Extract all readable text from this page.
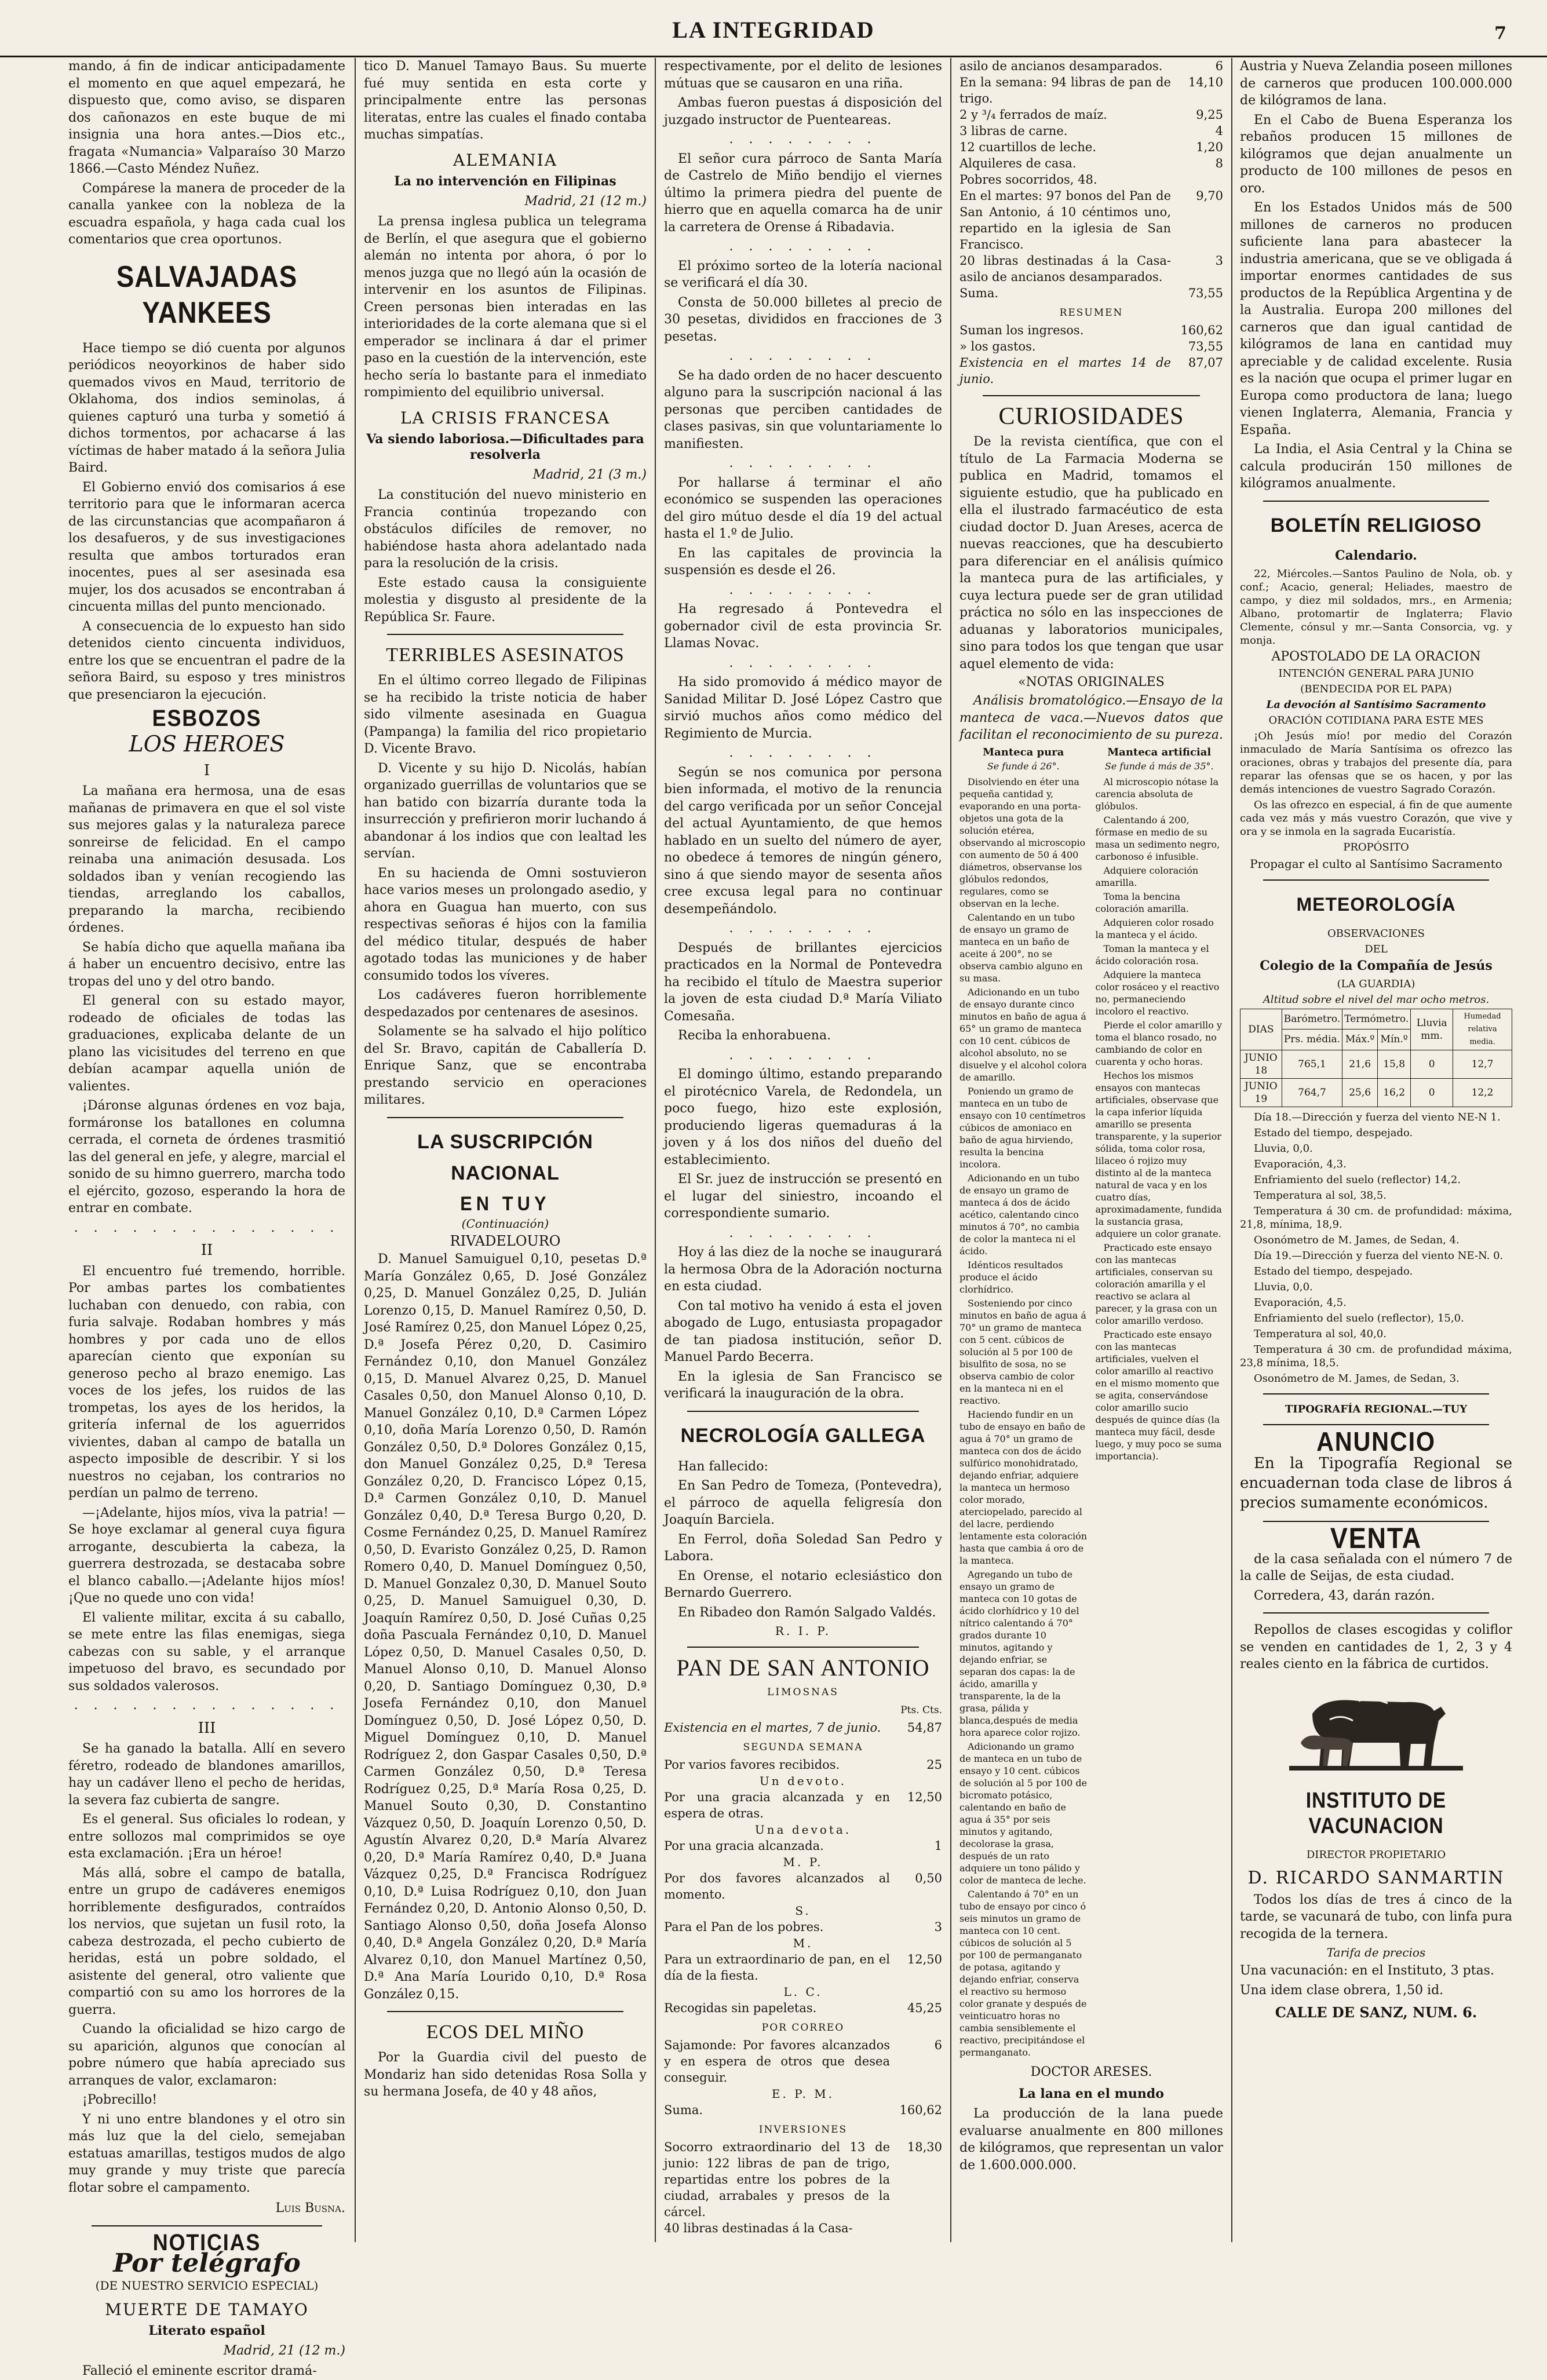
LA INTEGRIDAD	7

mando, á fin de indicar anticipadamente el momento en que aquel empezará, he dispuesto que, como aviso, se disparen dos cañonazos en este buque de mi insignia una hora antes.—Dios etc., fragata «Numancia» Valparaíso 30 Marzo 1866.—Casto Méndez Nuñez.

Compárese la manera de proceder de la canalla yankee con la nobleza de la escuadra española, y haga cada cual los comentarios que crea oportunos.

SALVAJADAS YANKEES

Hace tiempo se dió cuenta por algunos periódicos neoyorkinos de haber sido quemados vivos en Maud, territorio de Oklahoma, dos indios seminolas, á quienes capturó una turba y sometió á dichos tormentos, por achacarse á las víctimas de haber matado á la señora Julia Baird.

El Gobierno envió dos comisarios á ese territorio para que le informaran acerca de las circunstancias que acompañaron á los desafueros, y de sus investigaciones resulta que ambos torturados eran inocentes, pues al ser asesinada esa mujer, los dos acusados se encontraban á cincuenta millas del punto mencionado.

A consecuencia de lo expuesto han sido detenidos ciento cincuenta individuos, entre los que se encuentran el padre de la señora Baird, su esposo y tres ministros que presenciaron la ejecución.

ESBOZOS
LOS HEROES
I

La mañana era hermosa, una de esas mañanas de primavera en que el sol viste sus mejores galas y la naturaleza parece sonreirse de felicidad. En el campo reinaba una animación desusada. Los soldados iban y venían recogiendo las tiendas, arreglando los caballos, preparando la marcha, recibiendo órdenes.

Se había dicho que aquella mañana iba á haber un encuentro decisivo, entre las tropas del uno y del otro bando.

El general con su estado mayor, rodeado de oficiales de todas las graduaciones, explicaba delante de un plano las vicisitudes del terreno en que debían acampar aquella unión de valientes.

¡Dáronse algunas órdenes en voz baja, formáronse los batallones en columna cerrada, el corneta de órdenes trasmitió las del general en jefe, y alegre, marcial el sonido de su himno guerrero, marcha todo el ejército, gozoso, esperando la hora de entrar en combate.

. . . . . . . . . . . . . .
II

El encuentro fué tremendo, horrible. Por ambas partes los combatientes luchaban con denuedo, con rabia, con furia salvaje. Rodaban hombres y más hombres y por cada uno de ellos aparecían ciento que exponían su generoso pecho al brazo enemigo. Las voces de los jefes, los ruidos de las trompetas, los ayes de los heridos, la gritería infernal de los aguerridos vivientes, daban al campo de batalla un aspecto imposible de describir. Y si los nuestros no cejaban, los contrarios no perdían un palmo de terreno.

—¡Adelante, hijos míos, viva la patria! —Se hoye exclamar al general cuya figura arrogante, descubierta la cabeza, la guerrera destrozada, se destacaba sobre el blanco caballo.—¡Adelante hijos míos! ¡Que no quede uno con vida!

El valiente militar, excita á su caballo, se mete entre las filas enemigas, siega cabezas con su sable, y el arranque impetuoso del bravo, es secundado por sus soldados valerosos.

. . . . . . . . . . . . . .
III

Se ha ganado la batalla. Allí en severo féretro, rodeado de blandones amarillos, hay un cadáver lleno el pecho de heridas, la severa faz cubierta de sangre.

Es el general. Sus oficiales lo rodean, y entre sollozos mal comprimidos se oye esta exclamación. ¡Era un héroe!

Más allá, sobre el campo de batalla, entre un grupo de cadáveres enemigos horriblemente desfigurados, contraídos los nervios, que sujetan un fusil roto, la cabeza destrozada, el pecho cubierto de heridas, está un pobre soldado, el asistente del general, otro valiente que compartió con su amo los horrores de la guerra.

Cuando la oficialidad se hizo cargo de su aparición, algunos que conocían al pobre número que había apreciado sus arranques de valor, exclamaron:

¡Pobrecillo!

Y ni uno entre blandones y el otro sin más luz que la del cielo, semejaban estatuas amarillas, testigos mudos de algo muy grande y muy triste que parecía flotar sobre el campamento.

Luis Busna.
NOTICIAS
Por telégrafo
(DE NUESTRO SERVICIO ESPECIAL)
MUERTE DE TAMAYO
Literato español
Madrid, 21 (12 m.)

Falleció el eminente escritor dramá-

tico D. Manuel Tamayo Baus. Su muerte fué muy sentida en esta corte y principalmente entre las personas literatas, entre las cuales el finado contaba muchas simpatías.

ALEMANIA
La no intervención en Filipinas
Madrid, 21 (12 m.)

La prensa inglesa publica un telegrama de Berlín, el que asegura que el gobierno alemán no intenta por ahora, ó por lo menos juzga que no llegó aún la ocasión de intervenir en los asuntos de Filipinas. Creen personas bien interadas en las interioridades de la corte alemana que si el emperador se inclinara á dar el primer paso en la cuestión de la intervención, este hecho sería lo bastante para el inmediato rompimiento del equilibrio universal.

LA CRISIS FRANCESA
Va siendo laboriosa.—Dificultades para resolverla
Madrid, 21 (3 m.)

La constitución del nuevo ministerio en Francia continúa tropezando con obstáculos difíciles de remover, no habiéndose hasta ahora adelantado nada para la resolución de la crisis.

Este estado causa la consiguiente molestia y disgusto al presidente de la República Sr. Faure.

TERRIBLES ASESINATOS

En el último correo llegado de Filipinas se ha recibido la triste noticia de haber sido vilmente asesinada en Guagua (Pampanga) la familia del rico propietario D. Vicente Bravo.

D. Vicente y su hijo D. Nicolás, habían organizado guerrillas de voluntarios que se han batido con bizarría durante toda la insurrección y prefirieron morir luchando á abandonar á los indios que con lealtad les servían.

En su hacienda de Omni sostuvieron hace varios meses un prolongado asedio, y ahora en Guagua han muerto, con sus respectivas señoras é hijos con la familia del médico titular, después de haber agotado todas las municiones y de haber consumido todos los víveres.

Los cadáveres fueron horriblemente despedazados por centenares de asesinos.

Solamente se ha salvado el hijo político del Sr. Bravo, capitán de Caballería D. Enrique Sanz, que se encontraba prestando servicio en operaciones militares.

LA SUSCRIPCIÓN NACIONAL
EN TUY
(Continuación)
RIVADELOURO

D. Manuel Samuiguel 0,10, pesetas D.ª María González 0,65, D. José González 0,25, D. Manuel González 0,25, D. Julián Lorenzo 0,15, D. Manuel Ramírez 0,50, D. José Ramírez 0,25, don Manuel López 0,25, D.ª Josefa Pérez 0,20, D. Casimiro Fernández 0,10, don Manuel González 0,15, D. Manuel Alvarez 0,25, D. Manuel Casales 0,50, don Manuel Alonso 0,10, D. Manuel González 0,10, D.ª Carmen López 0,10, doña María Lorenzo 0,50, D. Ramón González 0,50, D.ª Dolores González 0,15, don Manuel González 0,25, D.ª Teresa González 0,20, D. Francisco López 0,15, D.ª Carmen González 0,10, D. Manuel González 0,40, D.ª Teresa Burgo 0,20, D. Cosme Fernández 0,25, D. Manuel Ramírez 0,50, D. Evaristo González 0,25, D. Ramon Romero 0,40, D. Manuel Domínguez 0,50, D. Manuel Gonzalez 0,30, D. Manuel Souto 0,25, D. Manuel Samuiguel 0,30, D. Joaquín Ramírez 0,50, D. José Cuñas 0,25 doña Pascuala Fernández 0,10, D. Manuel López 0,50, D. Manuel Casales 0,50, D. Manuel Alonso 0,10, D. Manuel Alonso 0,20, D. Santiago Domínguez 0,30, D.ª Josefa Fernández 0,10, don Manuel Domínguez 0,50, D. José López 0,50, D. Miguel Domínguez 0,10, D. Manuel Rodríguez 2, don Gaspar Casales 0,50, D.ª Carmen González 0,50, D.ª Teresa Rodríguez 0,25, D.ª María Rosa 0,25, D. Manuel Souto 0,30, D. Constantino Vázquez 0,50, D. Joaquín Lorenzo 0,50, D. Agustín Alvarez 0,20, D.ª María Alvarez 0,20, D.ª María Ramírez 0,40, D.ª Juana Vázquez 0,25, D.ª Francisca Rodríguez 0,10, D.ª Luisa Rodríguez 0,10, don Juan Fernández 0,20, D. Antonio Alonso 0,50, D. Santiago Alonso 0,50, doña Josefa Alonso 0,40, D.ª Angela González 0,20, D.ª María Alvarez 0,10, don Manuel Martínez 0,50, D.ª Ana María Lourido 0,10, D.ª Rosa González 0,15.

ECOS DEL MIÑO

Por la Guardia civil del puesto de Mondariz han sido detenidas Rosa Solla y su hermana Josefa, de 40 y 48 años,

respectivamente, por el delito de lesiones mútuas que se causaron en una riña.

Ambas fueron puestas á disposición del juzgado instructor de Puenteareas.

. . . . . . . .

El señor cura párroco de Santa María de Castrelo de Miño bendijo el viernes último la primera piedra del puente de hierro que en aquella comarca ha de unir la carretera de Orense á Ribadavia.

. . . . . . . .

El próximo sorteo de la lotería nacional se verificará el día 30.

Consta de 50.000 billetes al precio de 30 pesetas, divididos en fracciones de 3 pesetas.

. . . . . . . .

Se ha dado orden de no hacer descuento alguno para la suscripción nacional á las personas que perciben cantidades de clases pasivas, sin que voluntariamente lo manifiesten.

. . . . . . . .

Por hallarse á terminar el año económico se suspenden las operaciones del giro mútuo desde el día 19 del actual hasta el 1.º de Julio.

En las capitales de provincia la suspensión es desde el 26.

. . . . . . . .

Ha regresado á Pontevedra el gobernador civil de esta provincia Sr. Llamas Novac.

. . . . . . . .

Ha sido promovido á médico mayor de Sanidad Militar D. José López Castro que sirvió muchos años como médico del Regimiento de Murcia.

. . . . . . . .

Según se nos comunica por persona bien informada, el motivo de la renuncia del cargo verificada por un señor Concejal del actual Ayuntamiento, de que hemos hablado en un suelto del número de ayer, no obedece á temores de ningún género, sino á que siendo mayor de sesenta años cree excusa legal para no continuar desempeñándolo.

. . . . . . . .

Después de brillantes ejercicios practicados en la Normal de Pontevedra ha recibido el título de Maestra superior la joven de esta ciudad D.ª María Viliato Comesaña.

Reciba la enhorabuena.

. . . . . . . .

El domingo último, estando preparando el pirotécnico Varela, de Redondela, un poco fuego, hizo este explosión, produciendo ligeras quemaduras á la joven y á los dos niños del dueño del establecimiento.

El Sr. juez de instrucción se presentó en el lugar del siniestro, incoando el correspondiente sumario.

. . . . . . . .

Hoy á las diez de la noche se inaugurará la hermosa Obra de la Adoración nocturna en esta ciudad.

Con tal motivo ha venido á esta el joven abogado de Lugo, entusiasta propagador de tan piadosa institución, señor D. Manuel Pardo Becerra.

En la iglesia de San Francisco se verificará la inauguración de la obra.

NECROLOGÍA GALLEGA

Han fallecido:

En San Pedro de Tomeza, (Pontevedra), el párroco de aquella feligresía don Joaquín Barciela.

En Ferrol, doña Soledad San Pedro y Labora.

En Orense, el notario eclesiástico don Bernardo Guerrero.

En Ribadeo don Ramón Salgado Valdés.

R. I. P.
PAN DE SAN ANTONIO
LIMOSNAS
Pts. Cts.
Existencia en el martes, 7 de junio.	54,87
SEGUNDA SEMANA	
Por varios favores recibidos.	25
Un devoto.	
Por una gracia alcanzada y en espera de otras.	12,50
Una devota.	
Por una gracia alcanzada.	1
M. P.	
Por dos favores alcanzados al momento.	0,50
S.	
Para el Pan de los pobres.	3
M.	
Para un extraordinario de pan, en el día de la fiesta.	12,50
L. C.	
Recogidas sin papeletas.	45,25
POR CORREO	
Sajamonde: Por favores alcanzados y en espera de otros que desea conseguir.	6
E. P. M.	
Suma.	160,62
INVERSIONES	
Socorro extraordinario del 13 de junio: 122 libras de pan de trigo, repartidas entre los pobres de la ciudad, arrabales y presos de la cárcel.	18,30
40 libras destinadas á la Casa-	
asilo de ancianos desamparados.	6
En la semana: 94 libras de pan de trigo.	14,10
2 y ³/₄ ferrados de maíz.	9,25
3 libras de carne.	4
12 cuartillos de leche.	1,20
Alquileres de casa.	8
Pobres socorridos, 48.	
En el martes: 97 bonos del Pan de San Antonio, á 10 céntimos uno, repartido en la iglesia de San Francisco.	9,70
20 libras destinadas á la Casa-asilo de ancianos desamparados.	3
Suma.	73,55
RESUMEN	
Suman los ingresos.	160,62
» los gastos.	73,55
Existencia en el martes 14 de junio.	87,07
CURIOSIDADES

De la revista científica, que con el título de La Farmacia Moderna se publica en Madrid, tomamos el siguiente estudio, que ha publicado en ella el ilustrado farmacéutico de esta ciudad doctor D. Juan Areses, acerca de nuevas reacciones, que ha descubierto para diferenciar en el análisis químico la manteca pura de las artificiales, y cuya lectura puede ser de gran utilidad práctica no sólo en las inspecciones de aduanas y laboratorios municipales, sino para todos los que tengan que usar aquel elemento de vida:

«NOTAS ORIGINALES

Análisis bromatológico.—Ensayo de la manteca de vaca.—Nuevos datos que facilitan el reconocimiento de su pureza.

Manteca pura

Se funde á 26°.

Disolviendo en éter una pequeña cantidad y, evaporando en una porta-objetos una gota de la solución etérea, observando al microscopio con aumento de 50 á 400 diámetros, observanse los glóbulos redondos, regulares, como se observan en la leche.

Calentando en un tubo de ensayo un gramo de manteca en un baño de aceite á 200°, no se observa cambio alguno en su masa.

Adicionando en un tubo de ensayo durante cinco minutos en baño de agua á 65° un gramo de manteca con 10 cent. cúbicos de alcohol absoluto, no se disuelve y el alcohol colora de amarillo.

Poniendo un gramo de manteca en un tubo de ensayo con 10 centímetros cúbicos de amoniaco en baño de agua hirviendo, resulta la bencina incolora.

Adicionando en un tubo de ensayo un gramo de manteca á dos de ácido acético, calentando cinco minutos á 70°, no cambia de color la manteca ni el ácido.

Idénticos resultados produce el ácido clorhídrico.

Sosteniendo por cinco minutos en baño de agua á 70° un gramo de manteca con 5 cent. cúbicos de solución al 5 por 100 de bisulfito de sosa, no se observa cambio de color en la manteca ni en el reactivo.

Haciendo fundir en un tubo de ensayo en baño de agua á 70° un gramo de manteca con dos de ácido sulfúrico monohidratado, dejando enfriar, adquiere la manteca un hermoso color morado, aterciopelado, parecido al del lacre, perdiendo lentamente esta coloración hasta que cambia á oro de la manteca.

Agregando un tubo de ensayo un gramo de manteca con 10 gotas de ácido clorhídrico y 10 del nítrico calentando á 70° grados durante 10 minutos, agitando y dejando enfriar, se separan dos capas: la de ácido, amarilla y transparente, la de la grasa, pálida y blanca,después de media hora aparece color rojizo.

Adicionando un gramo de manteca en un tubo de ensayo y 10 cent. cúbicos de solución al 5 por 100 de bicromato potásico, calentando en baño de agua á 35° por seis minutos y agitando, decolorase la grasa, después de un rato adquiere un tono pálido y color de manteca de leche.

Calentando á 70° en un tubo de ensayo por cinco ó seis minutos un gramo de manteca con 10 cent. cúbicos de solución al 5 por 100 de permanganato de potasa, agitando y dejando enfriar, conserva el reactivo su hermoso color granate y después de veinticuatro horas no cambia sensiblemente el reactivo, precipitándose el permanganato.

Manteca artificial

Se funde á más de 35°.

Al microscopio nótase la carencia absoluta de glóbulos.

Calentando á 200, fórmase en medio de su masa un sedimento negro, carbonoso é infusible.

Adquiere coloración amarilla.

Toma la bencina coloración amarilla.

Adquieren color rosado la manteca y el ácido.

Toman la manteca y el ácido coloración rosa.

Adquiere la manteca color rosáceo y el reactivo no, permaneciendo incoloro el reactivo.

Pierde el color amarillo y toma el blanco rosado, no cambiando de color en cuarenta y ocho horas.

Hechos los mismos ensayos con mantecas artificiales, observase que la capa inferior líquida amarillo se presenta transparente, y la superior sólida, toma color rosa, lilaceo ó rojizo muy distinto al de la manteca natural de vaca y en los cuatro días, aproximadamente, fundida la sustancia grasa, adquiere un color granate.

Practicado este ensayo con las mantecas artificiales, conservan su coloración amarilla y el reactivo se aclara al parecer, y la grasa con un color amarillo verdoso.

Practicado este ensayo con las mantecas artificiales, vuelven el color amarillo al reactivo en el mismo momento que se agita, conservándose color amarillo sucio después de quince días (la manteca muy fácil, desde luego, y muy poco se suma importancia).

DOCTOR ARESES.
La lana en el mundo

La producción de la lana puede evaluarse anualmente en 800 millones de kilógramos, que representan un valor de 1.600.000.000.

Austria y Nueva Zelandia poseen millones de carneros que producen 100.000.000 de kilógramos de lana.

En el Cabo de Buena Esperanza los rebaños producen 15 millones de kilógramos que dejan anualmente un producto de 100 millones de pesos en oro.

En los Estados Unidos más de 500 millones de carneros no producen suficiente lana para abastecer la industria americana, que se ve obligada á importar enormes cantidades de sus productos de la República Argentina y de la Australia. Europa 200 millones del carneros que dan igual cantidad de kilógramos de lana en cantidad muy apreciable y de calidad excelente. Rusia es la nación que ocupa el primer lugar en Europa como productora de lana; luego vienen Inglaterra, Alemania, Francia y España.

La India, el Asia Central y la China se calcula producirán 150 millones de kilógramos anualmente.

BOLETÍN RELIGIOSO
Calendario.

22, Miércoles.—Santos Paulino de Nola, ob. y conf.; Acacio, general; Heliades, maestro de campo, y diez mil soldados, mrs., en Armenia; Albano, protomartir de Inglaterra; Flavio Clemente, cónsul y mr.—Santa Consorcia, vg. y monja.

APOSTOLADO DE LA ORACION
INTENCIÓN GENERAL PARA JUNIO
(BENDECIDA POR EL PAPA)
La devoción al Santísimo Sacramento
ORACIÓN COTIDIANA PARA ESTE MES

¡Oh Jesús mío! por medio del Corazón inmaculado de María Santísima os ofrezco las oraciones, obras y trabajos del presente día, para reparar las ofensas que se os hacen, y por las demás intenciones de vuestro Sagrado Corazón.

Os las ofrezco en especial, á fin de que aumente cada vez más y más vuestro Corazón, que vive y ora y se inmola en la sagrada Eucaristía.

PROPÓSITO
Propagar el culto al Santísimo Sacramento
METEOROLOGÍA
OBSERVACIONES
DEL
Colegio de la Compañía de Jesús
(LA GUARDIA)
Altitud sobre el nivel del mar ocho metros.
DIAS	Barómetro.	Termómetro.		Lluvia mm.	Humedad relativa media.
	Prs. média.	Máx.º	Mín.º		
JUNIO 18	765,1	21,6	15,8	0	12,7
JUNIO 19	764,7	25,6	16,2	0	12,2

Día 18.—Dirección y fuerza del viento NE-N 1.

Estado del tiempo, despejado.

Lluvia, 0,0.

Evaporación, 4,3.

Enfriamiento del suelo (reflector) 14,2.

Temperatura al sol, 38,5.

Temperatura á 30 cm. de profundidad: máxima, 21,8, mínima, 18,9.

Osonómetro de M. James, de Sedan, 4.

Día 19.—Dirección y fuerza del viento NE-N. 0.

Estado del tiempo, despejado.

Lluvia, 0,0.

Evaporación, 4,5.

Enfriamiento del suelo (reflector), 15,0.

Temperatura al sol, 40,0.

Temperatura á 30 cm. de profundidad máxima, 23,8 mínima, 18,5.

Osonómetro de M. James, de Sedan, 3.

TIPOGRAFÍA REGIONAL.—TUY
ANUNCIO

En la Tipografía Regional se encuadernan toda clase de libros á precios sumamente económicos.

VENTA

de la casa señalada con el número 7 de la calle de Seijas, de esta ciudad.

Corredera, 43, darán razón.

Repollos de clases escogidas y coliflor se venden en cantidades de 1, 2, 3 y 4 reales ciento en la fábrica de curtidos.

INSTITUTO DE VACUNACION
DIRECTOR PROPIETARIO
D. RICARDO SANMARTIN

Todos los días de tres á cinco de la tarde, se vacunará de tubo, con linfa pura recogida de la ternera.

Tarifa de precios

Una vacunación: en el Instituto, 3 ptas.

Una idem clase obrera, 1,50 id.

CALLE DE SANZ, NUM. 6.
